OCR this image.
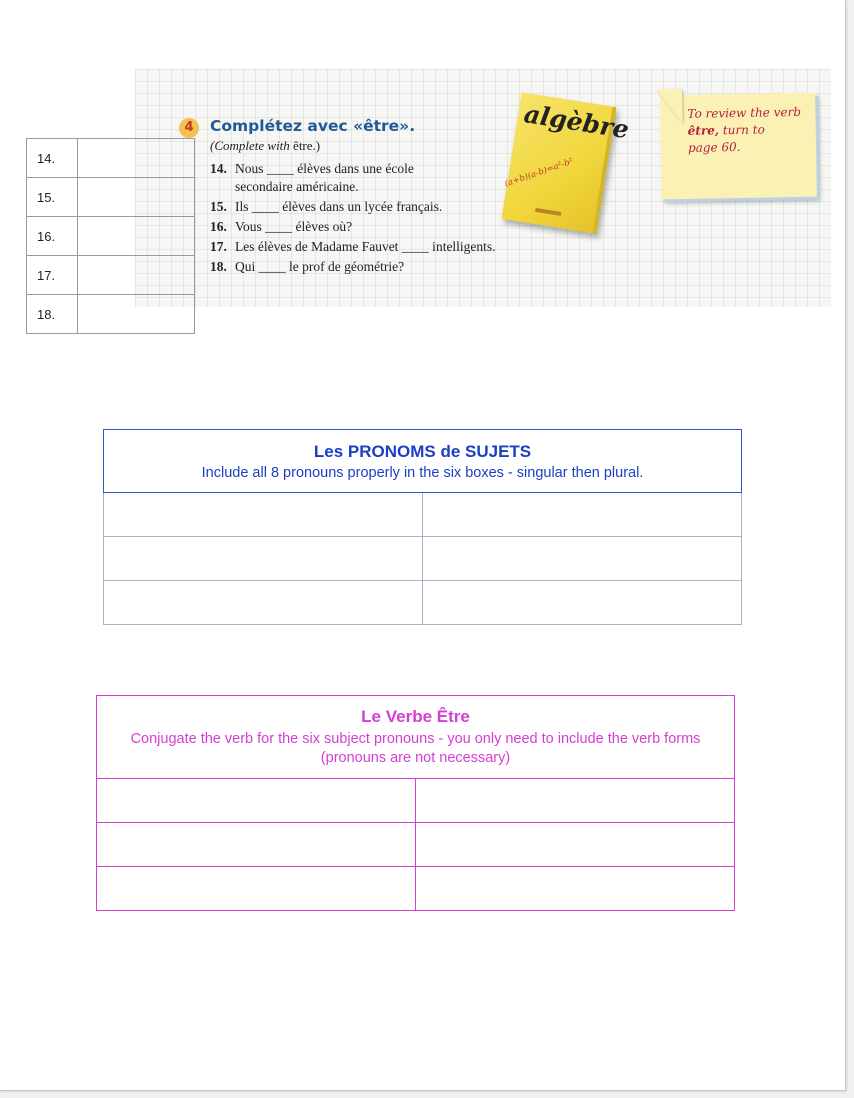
4	Complétez avec «être».
(Complete with être.)
14. Nous ____ élèves dans une école
secondaire américaine.
15. Ils ____ élèves dans un lycée français.
16. Vous ____ élèves où?
17. Les élèves de Madame Fauvet ____ intelligents.
18. Qui ____ le prof de géométrie?
algèbre
(a+b)(a-b)=a²-b²
To review the verb
être, turn to
page 60.
14.	
15.	
16.	
17.	
18.	
Les PRONOMS de SUJETS
Include all 8 pronouns properly in the six boxes - singular then plural.	

Le Verbe Être
Conjugate the verb for the six subject pronouns - you only need to include the verb forms (pronouns are not necessary)	
